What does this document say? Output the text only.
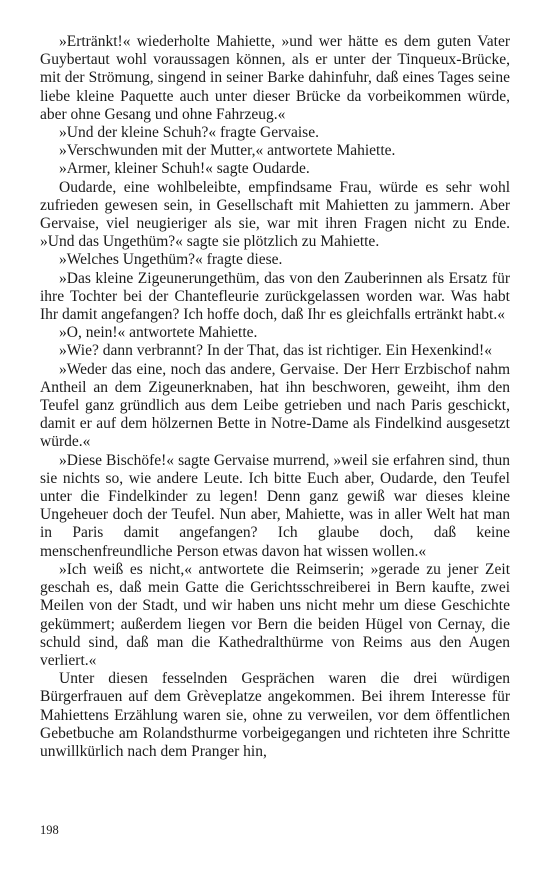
»Ertränkt!« wiederholte Mahiette, »und wer hätte es dem guten Vater Guybertaut wohl voraussagen können, als er unter der Tinqueux-Brücke, mit der Strömung, singend in seiner Barke dahinfuhr, daß eines Tages seine liebe kleine Paquette auch unter dieser Brücke da vorbeikommen würde, aber ohne Gesang und ohne Fahrzeug.«

»Und der kleine Schuh?« fragte Gervaise.

»Verschwunden mit der Mutter,« antwortete Mahiette.

»Armer, kleiner Schuh!« sagte Oudarde.

Oudarde, eine wohlbeleibte, empfindsame Frau, würde es sehr wohl zufrieden gewesen sein, in Gesellschaft mit Mahietten zu jammern. Aber Gervaise, viel neugieriger als sie, war mit ihren Fragen nicht zu Ende. »Und das Ungethüm?« sagte sie plötzlich zu Mahiette.

»Welches Ungethüm?« fragte diese.

»Das kleine Zigeunerungethüm, das von den Zauberinnen als Ersatz für ihre Tochter bei der Chantefleurie zurückgelassen worden war. Was habt Ihr damit angefangen? Ich hoffe doch, daß Ihr es gleichfalls ertränkt habt.«

»O, nein!« antwortete Mahiette.

»Wie? dann verbrannt? In der That, das ist richtiger. Ein Hexenkind!«

»Weder das eine, noch das andere, Gervaise. Der Herr Erzbischof nahm Antheil an dem Zigeunerknaben, hat ihn beschworen, geweiht, ihm den Teufel ganz gründlich aus dem Leibe getrieben und nach Paris geschickt, damit er auf dem hölzernen Bette in Notre-Dame als Findelkind ausgesetzt würde.«

»Diese Bischöfe!« sagte Gervaise murrend, »weil sie erfahren sind, thun sie nichts so, wie andere Leute. Ich bitte Euch aber, Oudarde, den Teufel unter die Findelkinder zu legen! Denn ganz gewiß war dieses kleine Ungeheuer doch der Teufel. Nun aber, Mahiette, was in aller Welt hat man in Paris damit angefangen? Ich glaube doch, daß keine menschenfreundliche Person etwas davon hat wissen wollen.«

»Ich weiß es nicht,« antwortete die Reimserin; »gerade zu jener Zeit geschah es, daß mein Gatte die Gerichtsschreiberei in Bern kaufte, zwei Meilen von der Stadt, und wir haben uns nicht mehr um diese Geschichte gekümmert; außerdem liegen vor Bern die beiden Hügel von Cernay, die schuld sind, daß man die Kathedralthürme von Reims aus den Augen verliert.«

Unter diesen fesselnden Gesprächen waren die drei würdigen Bürgerfrauen auf dem Grèveplatze angekommen. Bei ihrem Interesse für Mahiettens Erzählung waren sie, ohne zu verweilen, vor dem öffentlichen Gebetbuche am Rolandsthurme vorbeigegangen und richteten ihre Schritte unwillkürlich nach dem Pranger hin,

198
